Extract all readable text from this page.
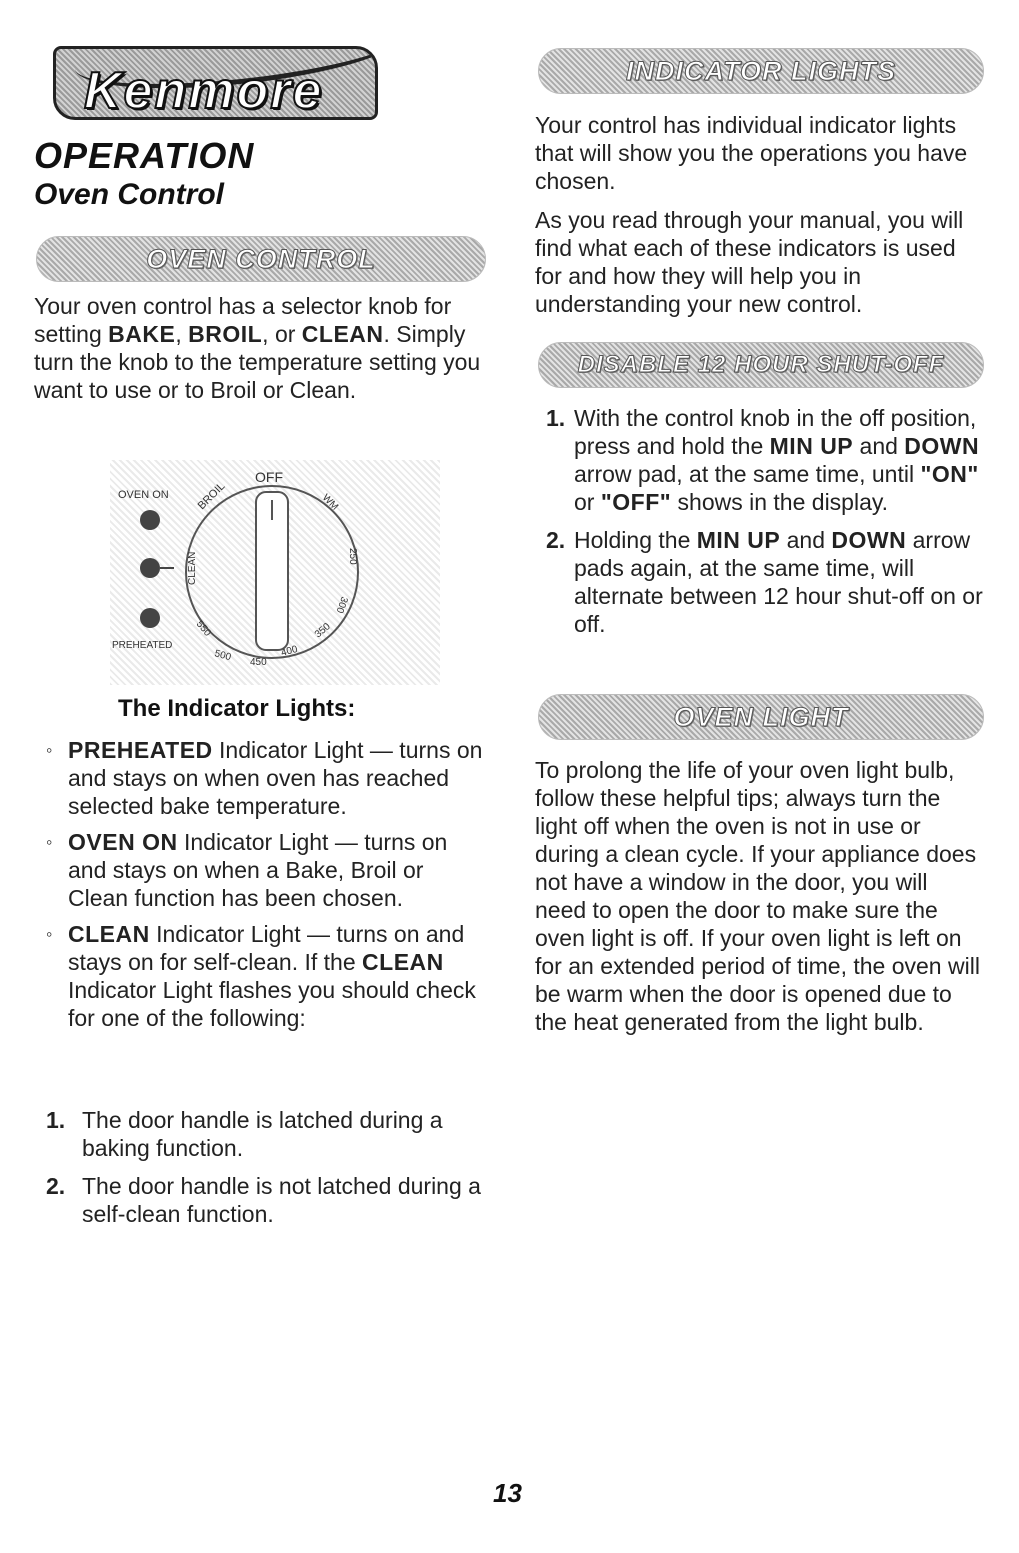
Kenmore
OPERATION
Oven Control
OVEN CONTROL

Your oven control has a selector knob for setting BAKE, BROIL, or CLEAN. Simply turn the knob to the temperature setting you want to use or to Broil or Clean.

OFF
OVEN ON
PREHEATED
BROIL
CLEAN
WM
250
300
350
400
450
500
550
The Indicator Lights:
◦ PREHEATED Indicator Light — turns on and stays on when oven has reached selected bake temperature.
◦ OVEN ON Indicator Light — turns on and stays on when a Bake, Broil or Clean function has been chosen.
◦ CLEAN Indicator Light — turns on and stays on for self-clean. If the CLEAN Indicator Light flashes you should check for one of the following:
1. The door handle is latched during a baking function.
2. The door handle is not latched during a self-clean function.
INDICATOR LIGHTS

Your control has individual indicator lights that will show you the operations you have chosen.

As you read through your manual, you will find what each of these indicators is used for and how they will help you in understanding your new control.

DISABLE 12 HOUR SHUT-OFF
1. With the control knob in the off position, press and hold the MIN UP and DOWN arrow pad, at the same time, until "ON" or "OFF" shows in the display.
2. Holding the MIN UP and DOWN arrow pads again, at the same time, will alternate between 12 hour shut-off on or off.
OVEN LIGHT

To prolong the life of your oven light bulb, follow these helpful tips; always turn the light off when the oven is not in use or during a clean cycle. If your appliance does not have a window in the door, you will need to open the door to make sure the oven light is off. If your oven light is left on for an extended period of time, the oven will be warm when the door is opened due to the heat generated from the light bulb.

13
